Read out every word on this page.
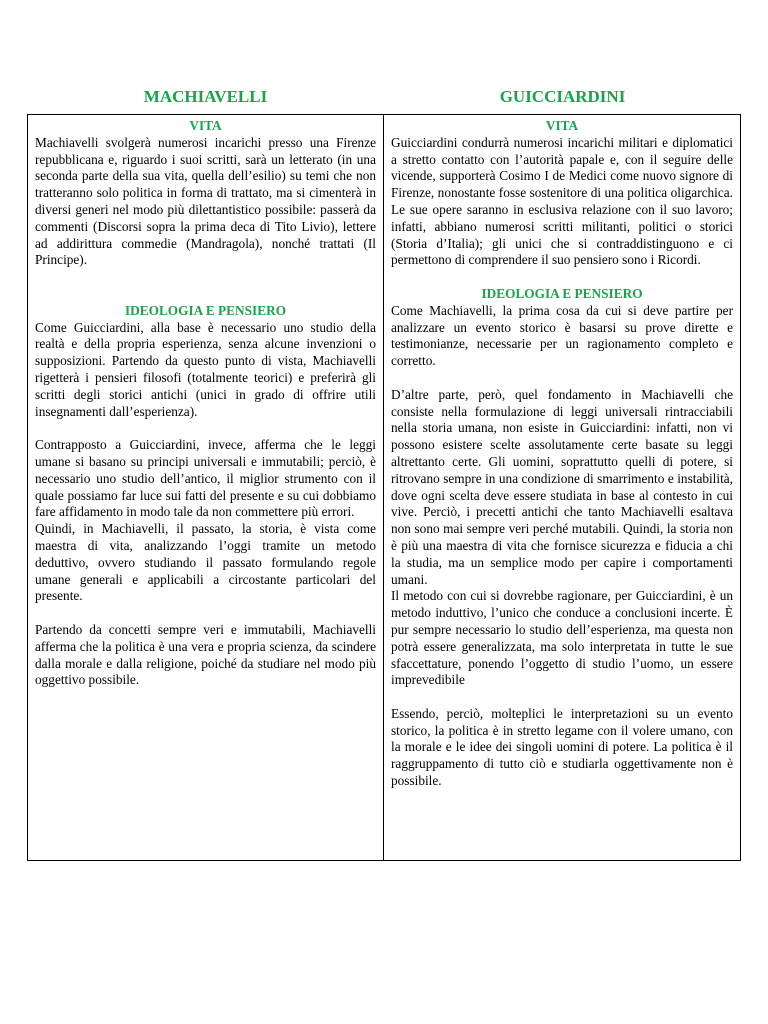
MACHIAVELLI	GUICCIARDINI
VITA

Machiavelli svolgerà numerosi incarichi presso una Firenze repubblicana e, riguardo i suoi scritti, sarà un letterato (in una seconda parte della sua vita, quella dell’esilio) su temi che non tratteranno solo politica in forma di trattato, ma si cimenterà in diversi generi nel modo più dilettantistico possibile: passerà da commenti (Discorsi sopra la prima deca di Tito Livio), lettere ad addirittura commedie (Mandragola), nonché trattati (Il Principe).

IDEOLOGIA E PENSIERO

Come Guicciardini, alla base è necessario uno studio della realtà e della propria esperienza, senza alcune invenzioni o supposizioni. Partendo da questo punto di vista, Machiavelli rigetterà i pensieri filosofi (totalmente teorici) e preferirà gli scritti degli storici antichi (unici in grado di offrire utili insegnamenti dall’esperienza).

Contrapposto a Guicciardini, invece, afferma che le leggi umane si basano su principi universali e immutabili; perciò, è necessario uno studio dell’antico, il miglior strumento con il quale possiamo far luce sui fatti del presente e su cui dobbiamo fare affidamento in modo tale da non commettere più errori.

Quindi, in Machiavelli, il passato, la storia, è vista come maestra di vita, analizzando l’oggi tramite un metodo deduttivo, ovvero studiando il passato formulando regole umane generali e applicabili a circostante particolari del presente.

Partendo da concetti sempre veri e immutabili, Machiavelli afferma che la politica è una vera e propria scienza, da scindere dalla morale e dalla religione, poiché da studiare nel modo più oggettivo possibile.

VITA

Guicciardini condurrà numerosi incarichi militari e diplomatici a stretto contatto con l’autorità papale e, con il seguire delle vicende, supporterà Cosimo I de Medici come nuovo signore di Firenze, nonostante fosse sostenitore di una politica oligarchica. Le sue opere saranno in esclusiva relazione con il suo lavoro; infatti, abbiano numerosi scritti militanti, politici o storici (Storia d’Italia); gli unici che si contraddistinguono e ci permettono di comprendere il suo pensiero sono i Ricordi.

IDEOLOGIA E PENSIERO

Come Machiavelli, la prima cosa da cui si deve partire per analizzare un evento storico è basarsi su prove dirette e testimonianze, necessarie per un ragionamento completo e corretto.

D’altre parte, però, quel fondamento in Machiavelli che consiste nella formulazione di leggi universali rintracciabili nella storia umana, non esiste in Guicciardini: infatti, non vi possono esistere scelte assolutamente certe basate su leggi altrettanto certe. Gli uomini, soprattutto quelli di potere, si ritrovano sempre in una condizione di smarrimento e instabilità, dove ogni scelta deve essere studiata in base al contesto in cui vive. Perciò, i precetti antichi che tanto Machiavelli esaltava non sono mai sempre veri perché mutabili. Quindi, la storia non è più una maestra di vita che fornisce sicurezza e fiducia a chi la studia, ma un semplice modo per capire i comportamenti umani.

Il metodo con cui si dovrebbe ragionare, per Guicciardini, è un metodo induttivo, l’unico che conduce a conclusioni incerte. È pur sempre necessario lo studio dell’esperienza, ma questa non potrà essere generalizzata, ma solo interpretata in tutte le sue sfaccettature, ponendo l’oggetto di studio l’uomo, un essere imprevedibile

Essendo, perciò, molteplici le interpretazioni su un evento storico, la politica è in stretto legame con il volere umano, con la morale e le idee dei singoli uomini di potere. La politica è il raggruppamento di tutto ciò e studiarla oggettivamente non è possibile.
